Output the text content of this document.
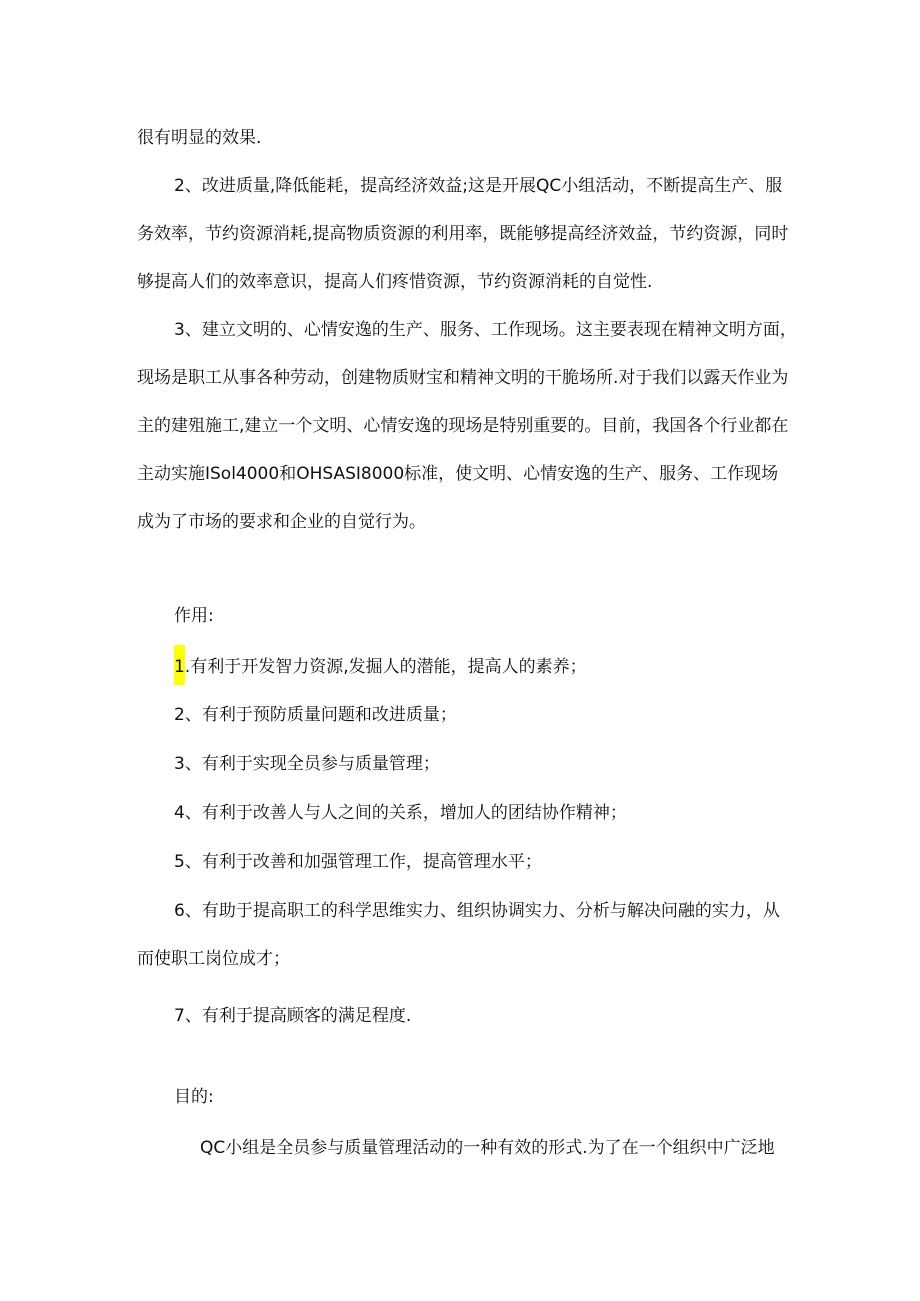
很有明显的效果.
2、改进质量,降低能耗，提高经济效益;这是开展QC小组活动，不断提高生产、服
务效率，节约资源消耗,提高物质资源的利用率，既能够提高经济效益，节约资源，同时
够提高人们的效率意识，提高人们疼惜资源，节约资源消耗的自觉性.
3、建立文明的、心情安逸的生产、服务、工作现场。这主要表现在精神文明方面，
现场是职工从事各种劳动，创建物质财宝和精神文明的干脆场所.对于我们以露天作业为
主的建殂施工,建立一个文明、心情安逸的现场是特别重要的。目前，我国各个行业都在
主动实施ISol4000和OHSASI8000标准，使文明、心情安逸的生产、服务、工作现场
成为了市场的要求和企业的自觉行为。
作用:
1.有利于开发智力资源,发掘人的潜能，提高人的素养；
2、有利于预防质量问题和改进质量；
3、有利于实现全员参与质量管理；
4、有利于改善人与人之间的关系，增加人的团结协作精神；
5、有利于改善和加强管理工作，提高管理水平；
6、有助于提高职工的科学思维实力、组织协调实力、分析与解决问融的实力，从
而使职工岗位成才；
7、有利于提高顾客的满足程度.
目的:
QC小组是全员参与质量管理活动的一种有效的形式.为了在一个组织中广泛地
